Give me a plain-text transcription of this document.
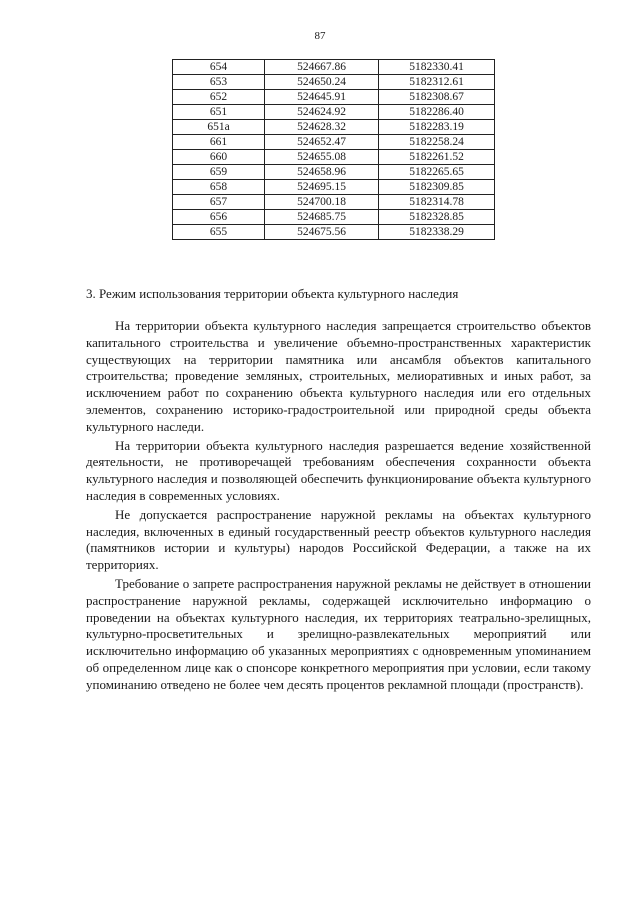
87
654	524667.86	5182330.41
653	524650.24	5182312.61
652	524645.91	5182308.67
651	524624.92	5182286.40
651а	524628.32	5182283.19
661	524652.47	5182258.24
660	524655.08	5182261.52
659	524658.96	5182265.65
658	524695.15	5182309.85
657	524700.18	5182314.78
656	524685.75	5182328.85
655	524675.56	5182338.29
3. Режим использования территории объекта культурного наследия

На территории объекта культурного наследия запрещается строительство объектов капитального строительства и увеличение объемно-пространственных характеристик существующих на территории памятника или ансамбля объектов капитального строительства; проведение земляных, строительных, мелиоративных и иных работ, за исключением работ по сохранению объекта культурного наследия или его отдельных элементов, сохранению историко-градостроительной или природной среды объекта культурного наследи.

На территории объекта культурного наследия разрешается ведение хозяйственной деятельности, не противоречащей требованиям обеспечения сохранности объекта культурного наследия и позволяющей обеспечить функционирование объекта культурного наследия в современных условиях.

Не допускается распространение наружной рекламы на объектах культурного наследия, включенных в единый государственный реестр объектов культурного наследия (памятников истории и культуры) народов Российской Федерации, а также на их территориях.

Требование о запрете распространения наружной рекламы не действует в отношении распространение наружной рекламы, содержащей исключительно информацию о проведении на объектах культурного наследия, их территориях театрально-зрелищных, культурно-просветительных и зрелищно-развлекательных мероприятий или исключительно информацию об указанных мероприятиях с одновременным упоминанием об определенном лице как о спонсоре конкретного мероприятия при условии, если такому упоминанию отведено не более чем десять процентов рекламной площади (пространств).
